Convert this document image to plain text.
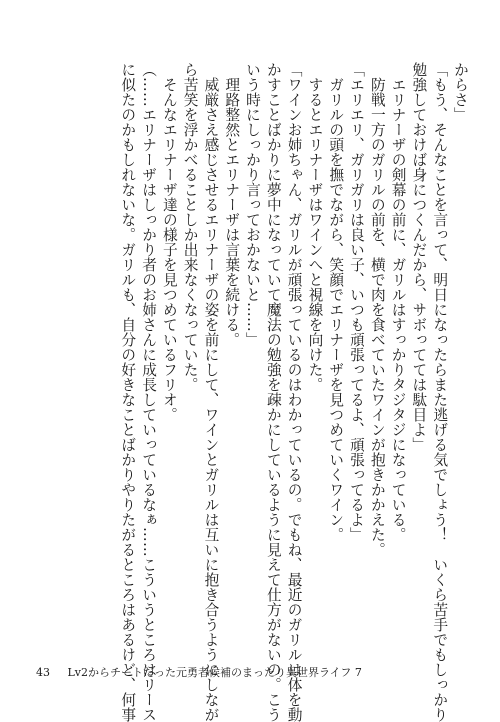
からさ」
「もう、そんなことを言って、明日になったらまた逃げる気でしょう！　いくら苦手でもしっかり
勉強しておけば身につくんだから、サボってては駄目よ」
　エリナーザの剣幕の前に、ガリルはすっかりタジタジになっている。
　防戦一方のガリルの前を、横で肉を食べていたワインが抱きかかえた。
「エリエリ、ガリガリは良い子、いつも頑張ってるよ、頑張ってるよ」
　ガリルの頭を撫でながら、笑顔でエリナーザを見つめていくワイン。
　するとエリナーザはワインへと視線を向けた。
「ワインお姉ちゃん、ガリルが頑張っているのはわかっているの。でもね、最近のガリルは体を動
かすことばかりに夢中になっていて魔法の勉強を疎かにしているように見えて仕方がないの。こう
いう時にしっかり言っておかないと……」
　理路整然とエリナーザは言葉を続ける。
　威厳さえ感じさせるエリナーザの姿を前にして、ワインとガリルは互いに抱き合うようにしなが
ら苦笑を浮かべることしか出来なくなっていた。
　そんなエリナーザ達の様子を見つめているフリオ。
（……エリナーザはしっかり者のお姉さんに成長していっているなぁ……こういうところはリース
に似たのかもしれないな。ガリルも、自分の好きなことばかりやりたがるところはあるけど、何事
43 Lv2からチートだった元勇者候補のまったり異世界ライフ 7
